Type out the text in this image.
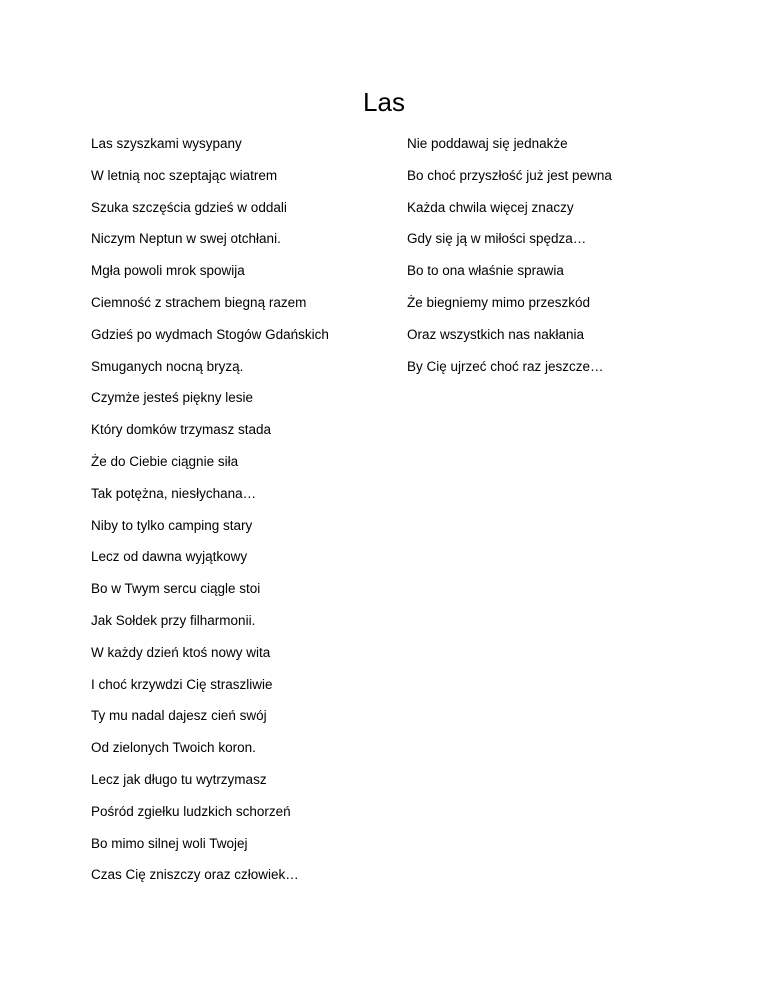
Las
Las szyszkami wysypany
W letnią noc szeptając wiatrem
Szuka szczęścia gdzieś w oddali
Niczym Neptun w swej otchłani.
Mgła powoli mrok spowija
Ciemność z strachem biegną razem
Gdzieś po wydmach Stogów Gdańskich
Smuganych nocną bryzą.
Czymże jesteś piękny lesie
Który domków trzymasz stada
Że do Ciebie ciągnie siła
Tak potężna, niesłychana…
Niby to tylko camping stary
Lecz od dawna wyjątkowy
Bo w Twym sercu ciągle stoi
Jak Sołdek przy filharmonii.
W każdy dzień ktoś nowy wita
I choć krzywdzi Cię straszliwie
Ty mu nadal dajesz cień swój
Od zielonych Twoich koron.
Lecz jak długo tu wytrzymasz
Pośród zgiełku ludzkich schorzeń
Bo mimo silnej woli Twojej
Czas Cię zniszczy oraz człowiek…
Nie poddawaj się jednakże
Bo choć przyszłość już jest pewna
Każda chwila więcej znaczy
Gdy się ją w miłości spędza…
Bo to ona właśnie sprawia
Że biegniemy mimo przeszkód
Oraz wszystkich nas nakłania
By Cię ujrzeć choć raz jeszcze…
